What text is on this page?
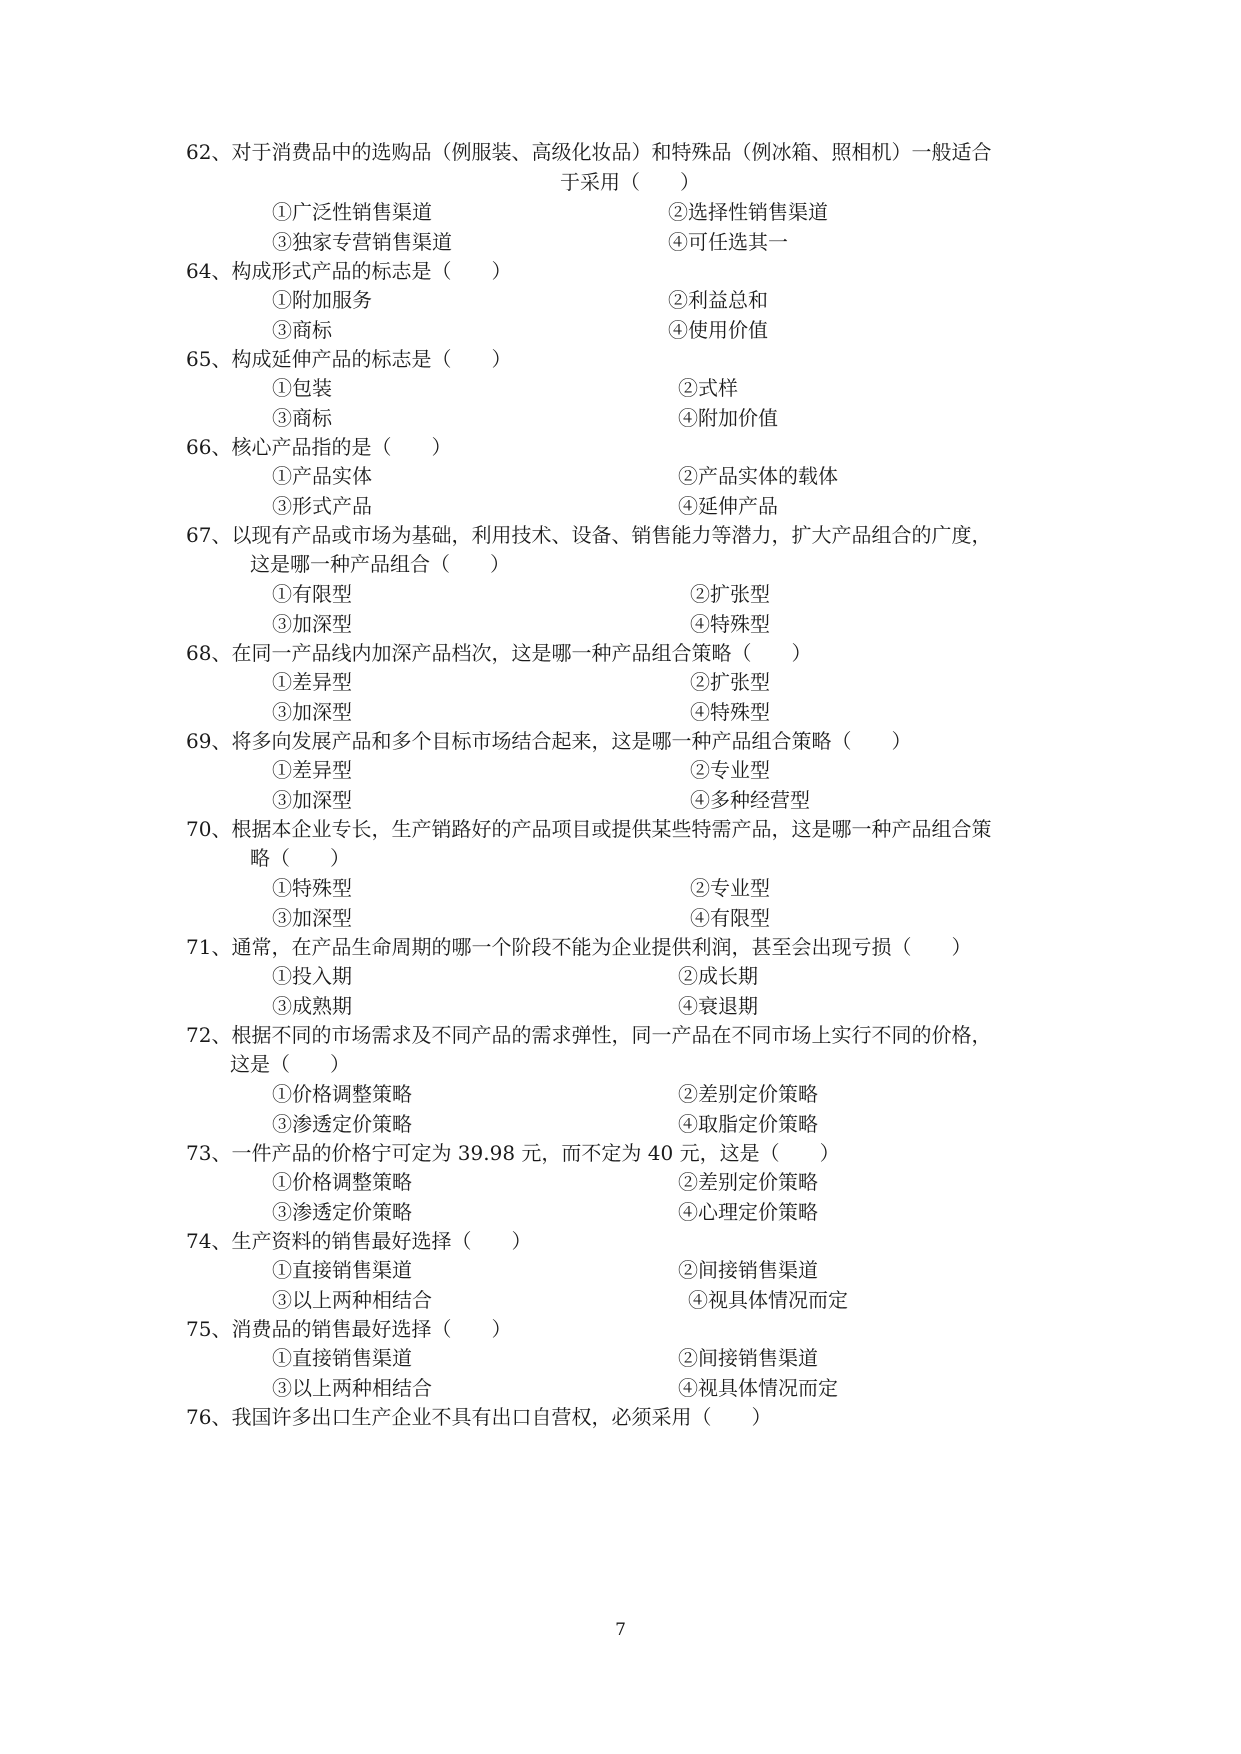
62、对于消费品中的选购品（例服装、高级化妆品）和特殊品（例冰箱、照相机）一般适合
于采用（　　）
①广泛性销售渠道	②选择性销售渠道
③独家专营销售渠道	④可任选其一
64、构成形式产品的标志是（　　）
①附加服务	②利益总和
③商标	④使用价值
65、构成延伸产品的标志是（　　）
①包装	②式样
③商标	④附加价值
66、核心产品指的是（　　）
①产品实体	②产品实体的载体
③形式产品	④延伸产品
67、以现有产品或市场为基础，利用技术、设备、销售能力等潜力，扩大产品组合的广度，
这是哪一种产品组合（　　）
①有限型	②扩张型
③加深型	④特殊型
68、在同一产品线内加深产品档次，这是哪一种产品组合策略（　　）
①差异型	②扩张型
③加深型	④特殊型
69、将多向发展产品和多个目标市场结合起来，这是哪一种产品组合策略（　　）
①差异型	②专业型
③加深型	④多种经营型
70、根据本企业专长，生产销路好的产品项目或提供某些特需产品，这是哪一种产品组合策
略（　　）
①特殊型	②专业型
③加深型	④有限型
71、通常，在产品生命周期的哪一个阶段不能为企业提供利润，甚至会出现亏损（　　）
①投入期	②成长期
③成熟期	④衰退期
72、根据不同的市场需求及不同产品的需求弹性，同一产品在不同市场上实行不同的价格，
这是（　　）
①价格调整策略	②差别定价策略
③渗透定价策略	④取脂定价策略
73、一件产品的价格宁可定为 39.98 元，而不定为 40 元，这是（　　）
①价格调整策略	②差别定价策略
③渗透定价策略	④心理定价策略
74、生产资料的销售最好选择（　　）
①直接销售渠道	②间接销售渠道
③以上两种相结合	④视具体情况而定
75、消费品的销售最好选择（　　）
①直接销售渠道	②间接销售渠道
③以上两种相结合	④视具体情况而定
76、我国许多出口生产企业不具有出口自营权，必须采用（　　）
7
